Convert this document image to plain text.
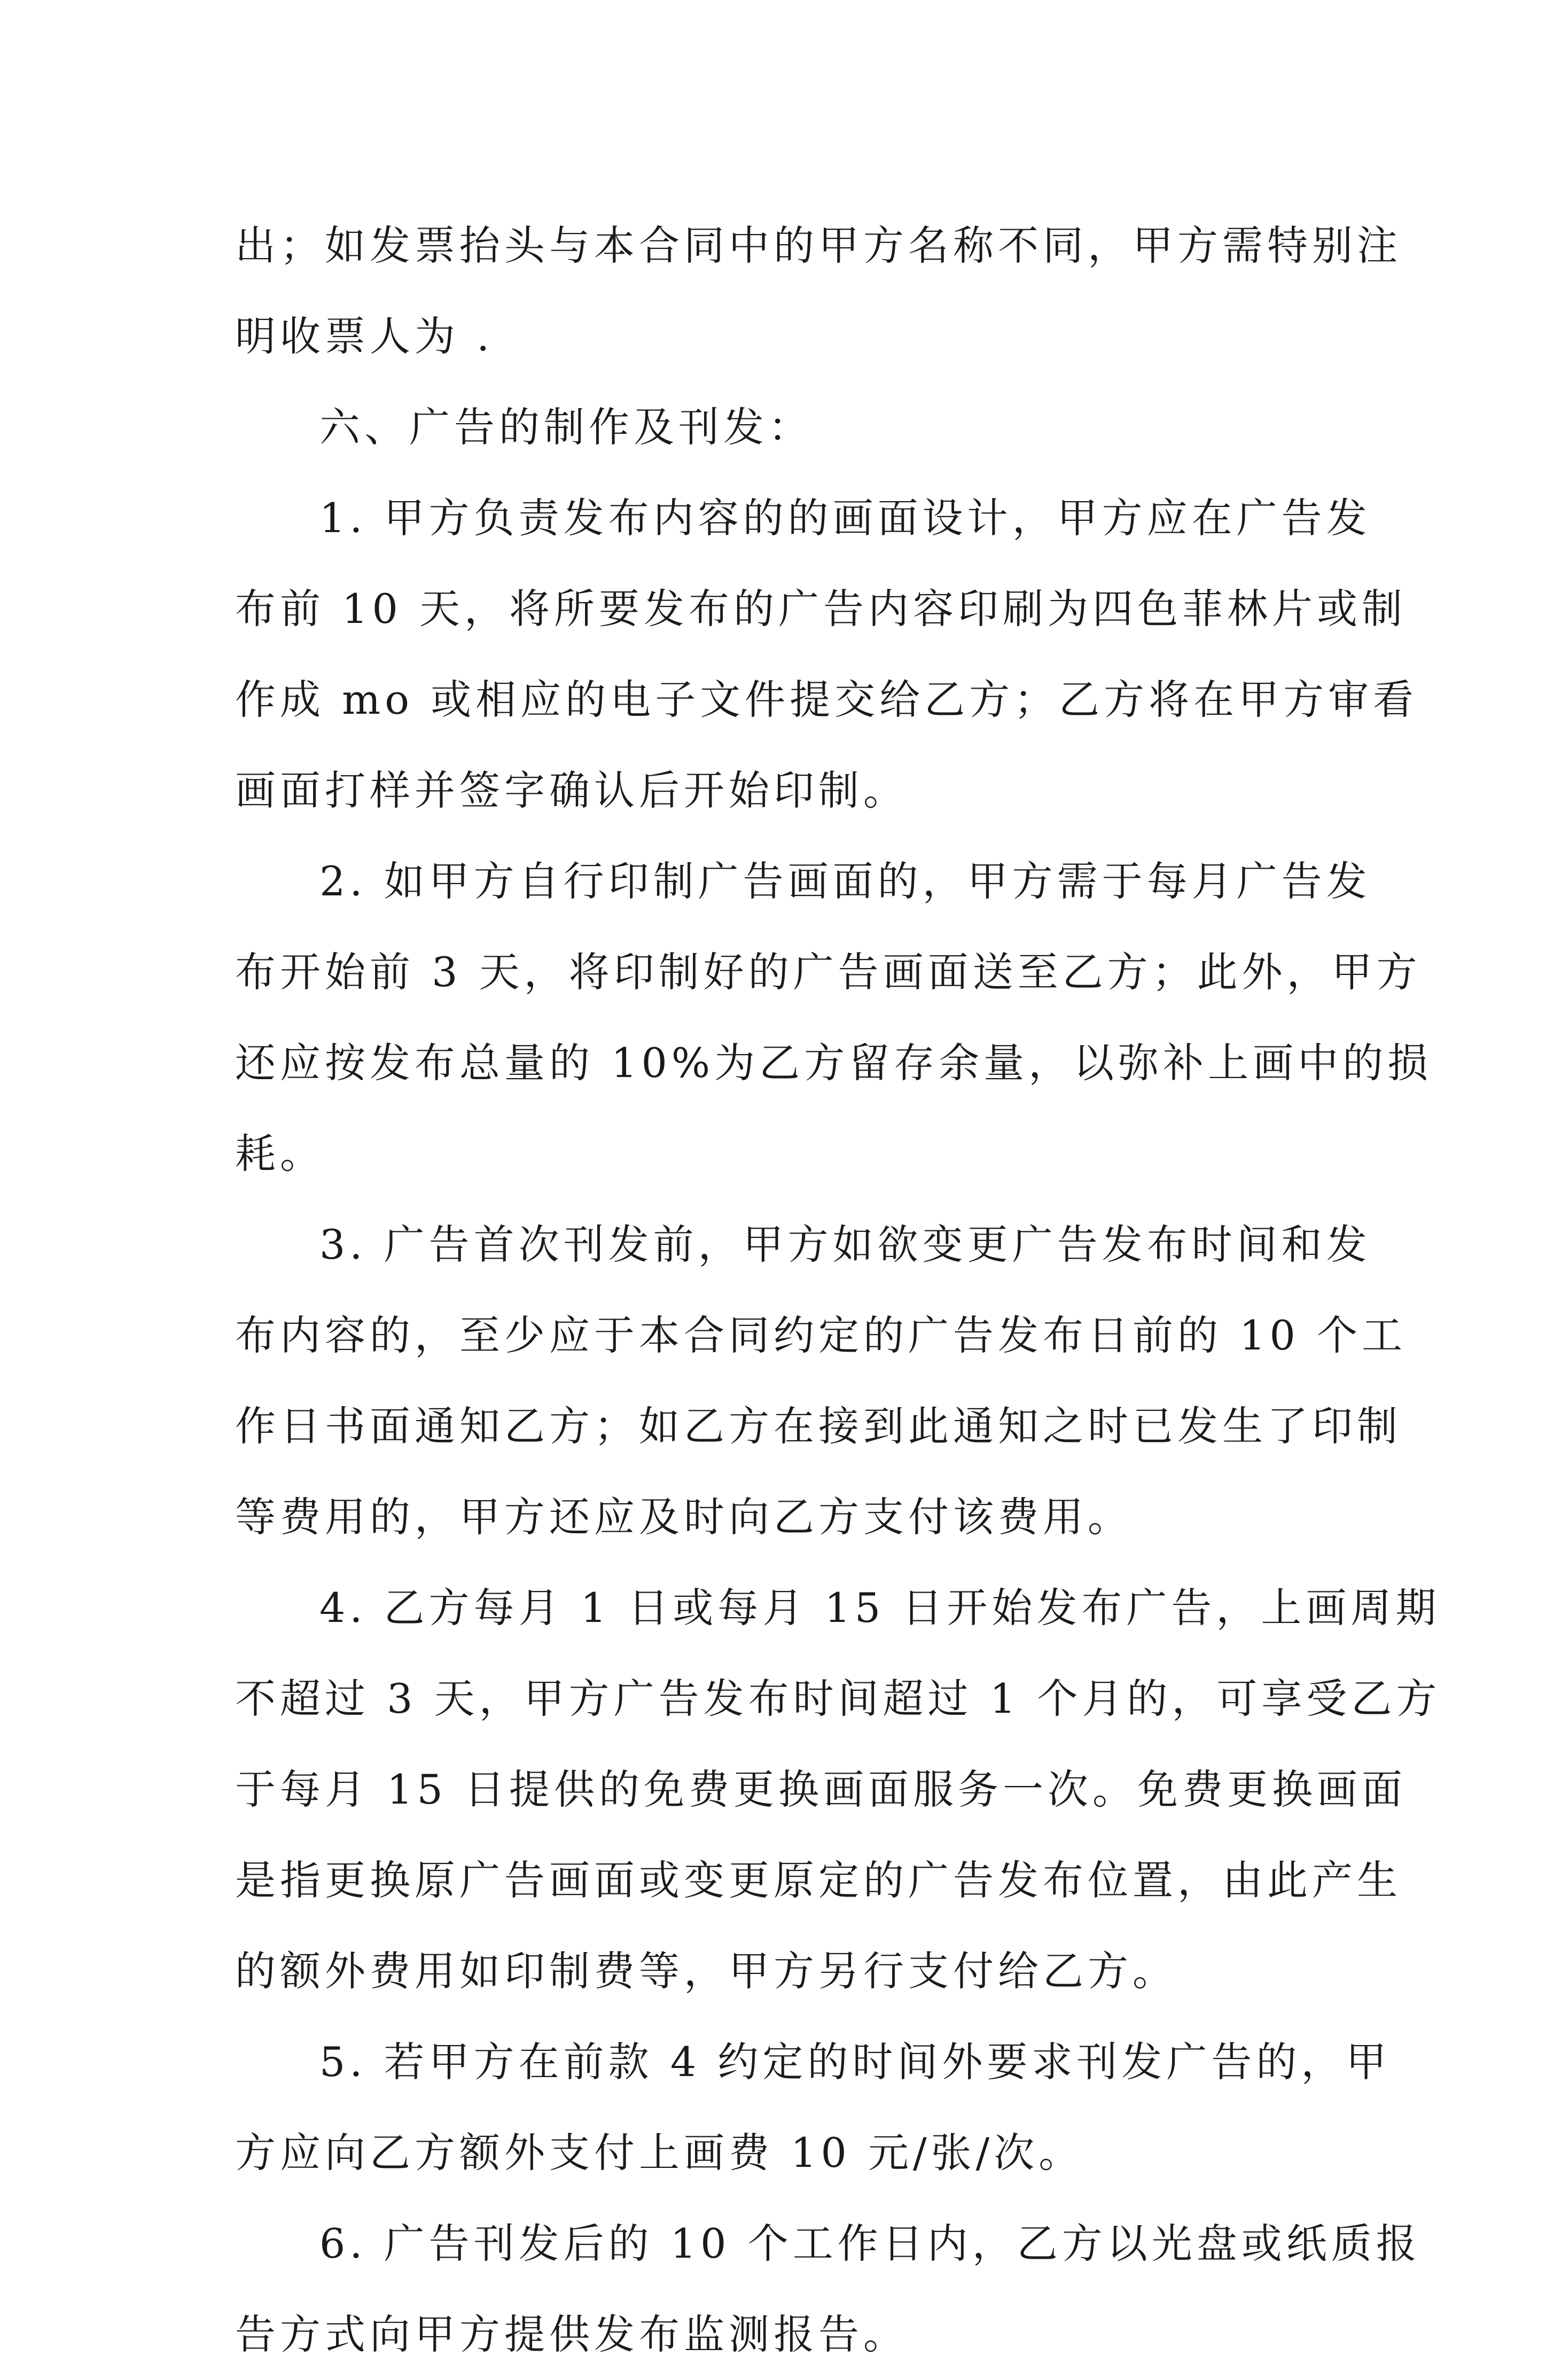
出；如发票抬头与本合同中的甲方名称不同，甲方需特别注
明收票人为 .
六、广告的制作及刊发：
1. 甲方负责发布内容的的画面设计，甲方应在广告发
布前 10 天，将所要发布的广告内容印刷为四色菲林片或制
作成 mo 或相应的电子文件提交给乙方；乙方将在甲方审看
画面打样并签字确认后开始印制。
2. 如甲方自行印制广告画面的，甲方需于每月广告发
布开始前 3 天，将印制好的广告画面送至乙方；此外，甲方
还应按发布总量的 10%为乙方留存余量，以弥补上画中的损
耗。
3. 广告首次刊发前，甲方如欲变更广告发布时间和发
布内容的，至少应于本合同约定的广告发布日前的 10 个工
作日书面通知乙方；如乙方在接到此通知之时已发生了印制
等费用的，甲方还应及时向乙方支付该费用。
4. 乙方每月 1 日或每月 15 日开始发布广告，上画周期
不超过 3 天，甲方广告发布时间超过 1 个月的，可享受乙方
于每月 15 日提供的免费更换画面服务一次。免费更换画面
是指更换原广告画面或变更原定的广告发布位置，由此产生
的额外费用如印制费等，甲方另行支付给乙方。
5. 若甲方在前款 4 约定的时间外要求刊发广告的，甲
方应向乙方额外支付上画费 10 元/张/次。
6. 广告刊发后的 10 个工作日内，乙方以光盘或纸质报
告方式向甲方提供发布监测报告。
